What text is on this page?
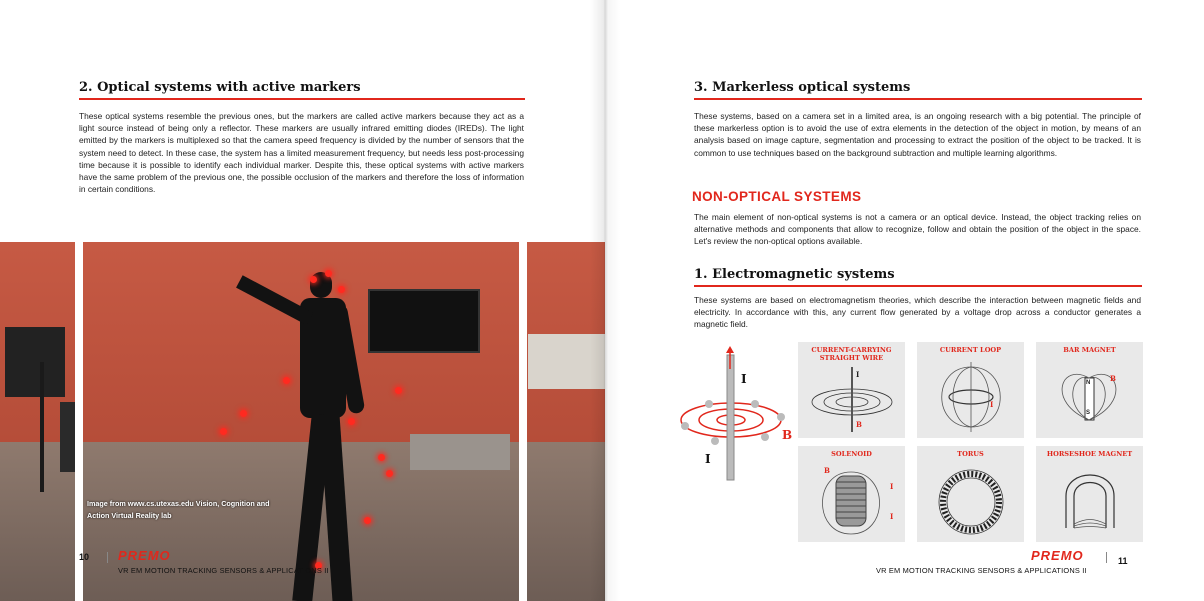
2. Optical systems with active markers
These optical systems resemble the previous ones, but the markers are called active markers because they act as a light source instead of being only a reflector. These markers are usually infrared emitting diodes (IREDs). The light emitted by the markers is multiplexed so that the camera speed frequency is divided by the number of sensors that the system need to detect. In these case, the system has a limited measurement frequency, but needs less post-processing time because it is possible to identify each individual marker. Despite this, these optical systems with active markers have the same problem of the previous one, the possible occlusion of the markers and therefore the loss of information in certain conditions.
Image from www.cs.utexas.edu Vision, Cognition and Action Virtual Reality lab
10 PREMO
VR EM MOTION TRACKING SENSORS & APPLICATIONS II
3. Markerless optical systems
These systems, based on a camera set in a limited area, is an ongoing research with a big potential. The principle of these markerless option is to avoid the use of extra elements in the detection of the object in motion, by means of an analysis based on image capture, segmentation and processing to extract the position of the object to be tracked. It is common to use techniques based on the background subtraction and multiple learning algorithms.
NON-OPTICAL SYSTEMS
The main element of non-optical systems is not a camera or an optical device. Instead, the object tracking relies on alternative methods and components that allow to recognize, follow and obtain the position of the object in the space. Let's review the non-optical options available.
1. Electromagnetic systems
These systems are based on electromagnetism theories, which describe the interaction between magnetic fields and electricity. In accordance with this, any current flow generated by a voltage drop across a conductor generates a magnetic field.
I
I
B
CURRENT-CARRYING STRAIGHT WIRE
I
B
CURRENT LOOP
I
BAR MAGNET
N
S
B
SOLENOID
B
I
I
TORUS	HORSESHOE MAGNET
PREMO	11
VR EM MOTION TRACKING SENSORS & APPLICATIONS II
